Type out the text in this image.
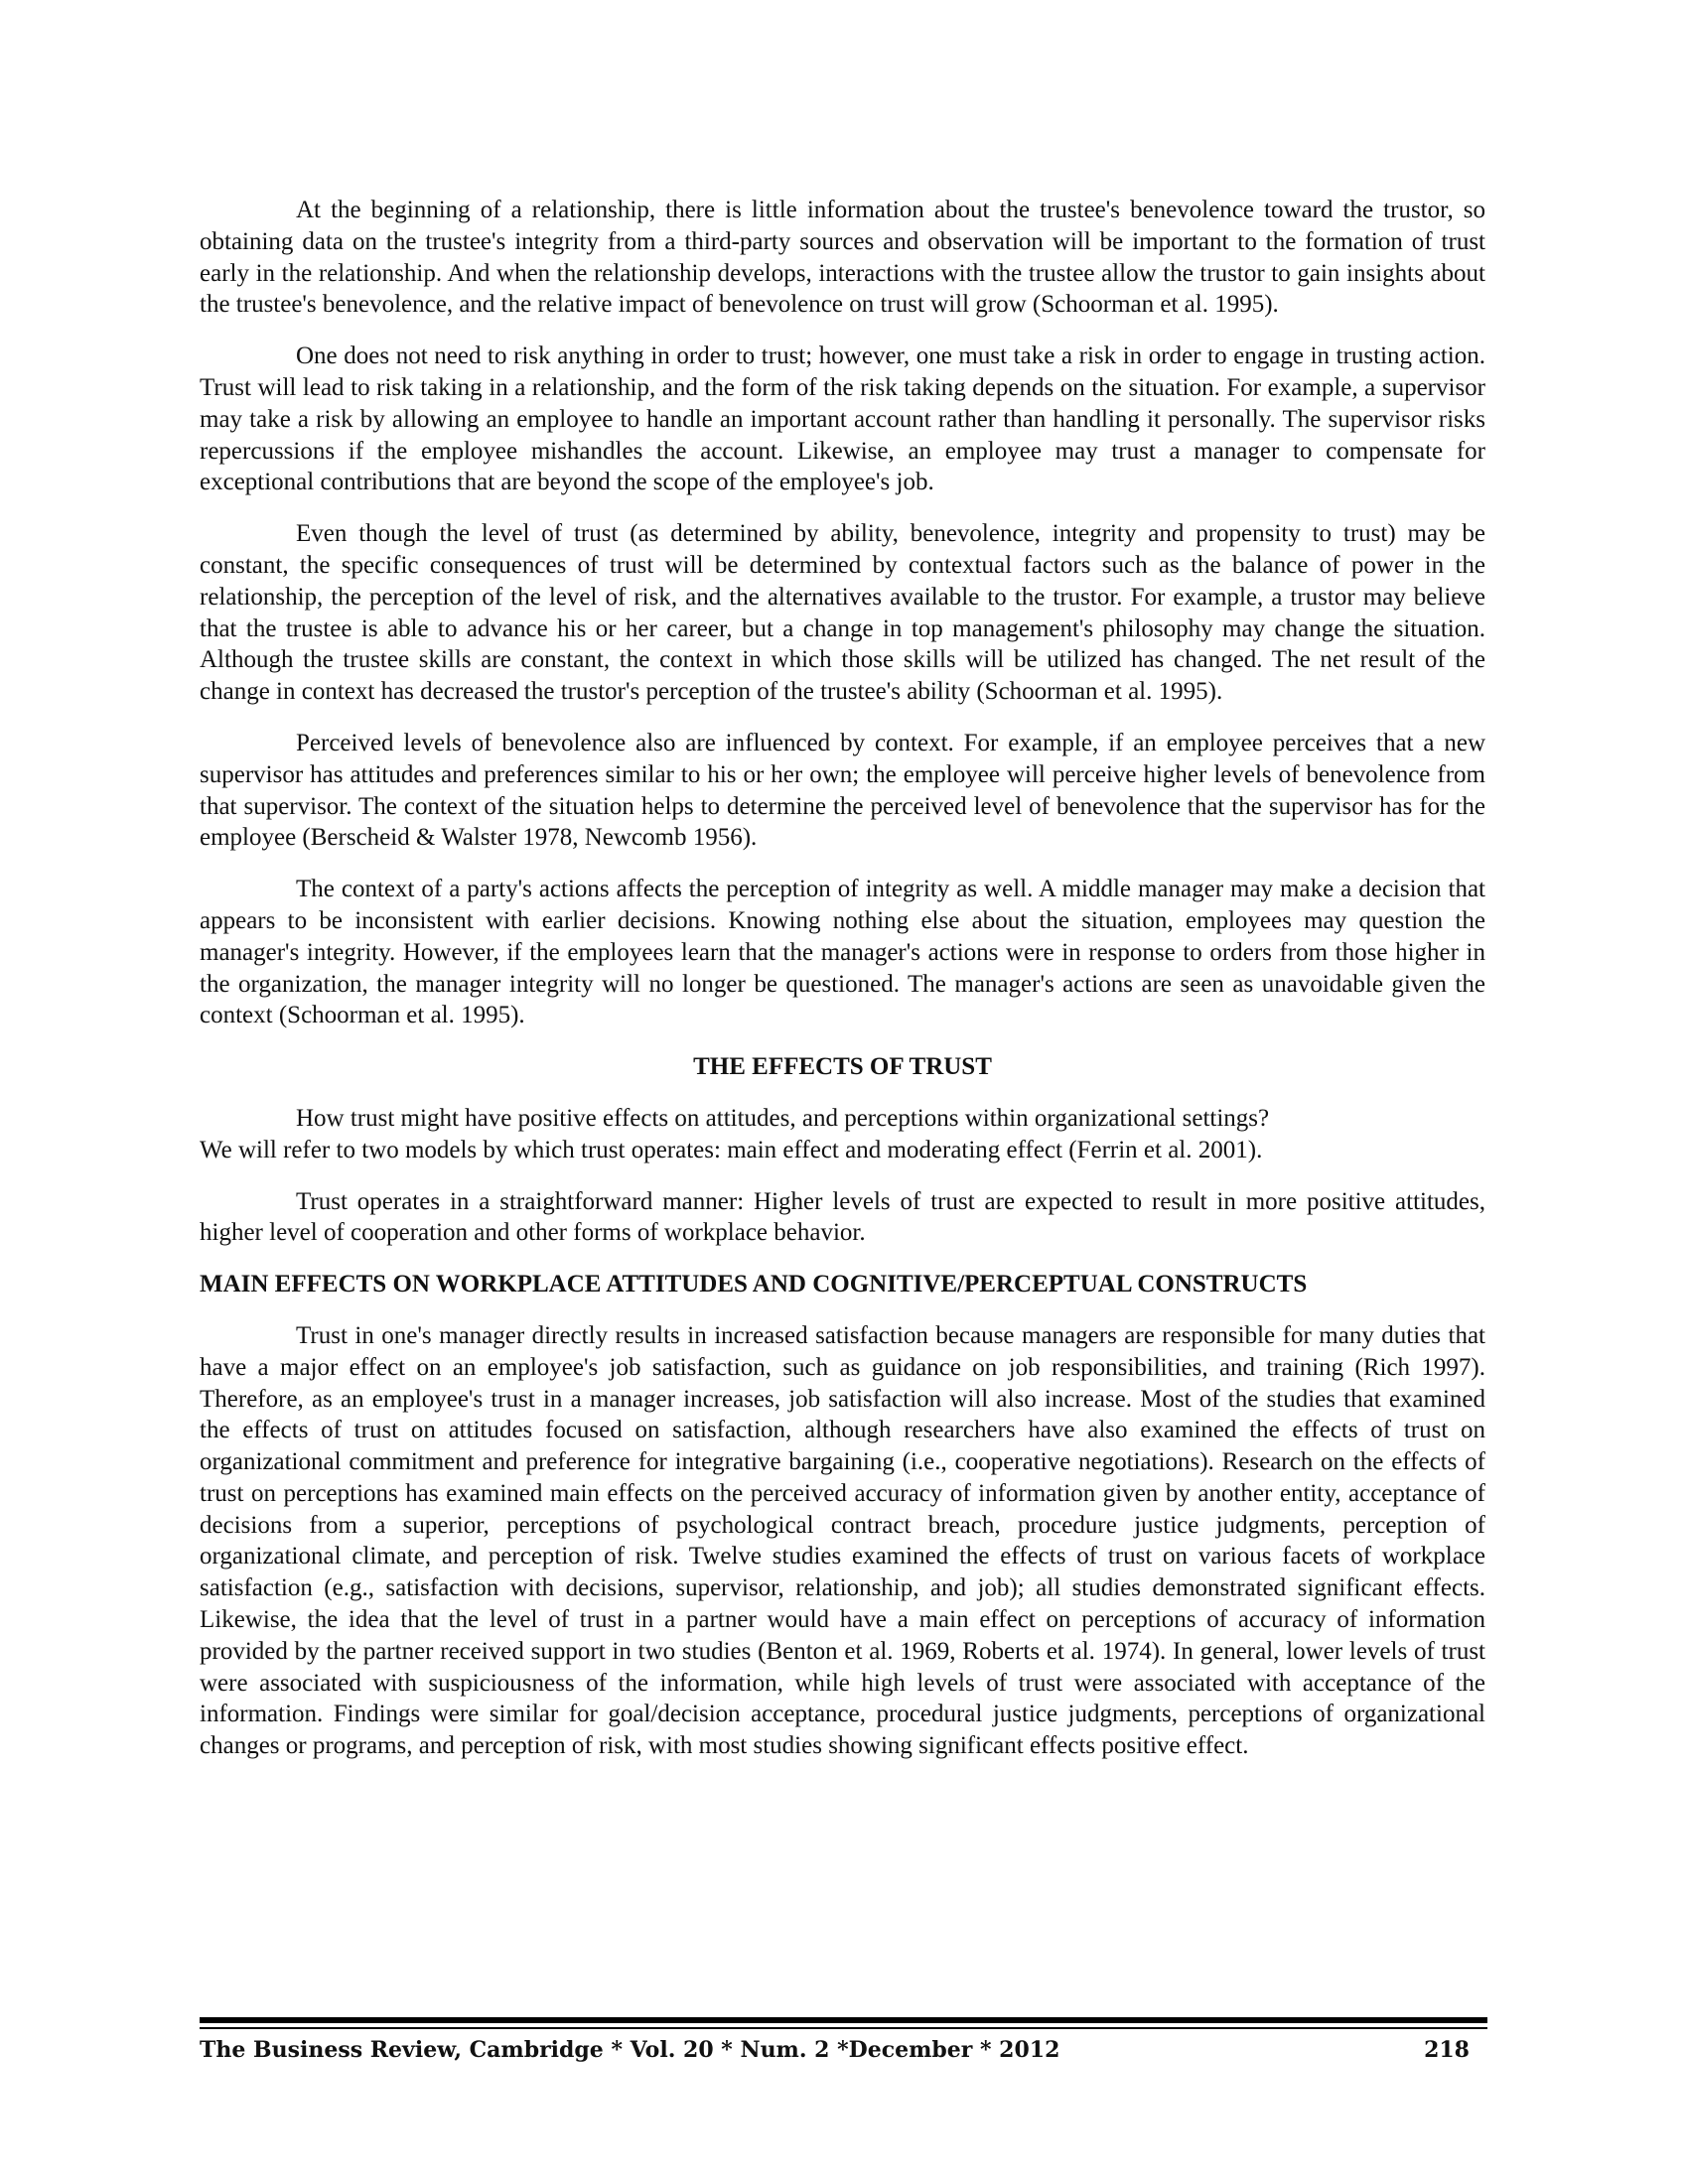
At the beginning of a relationship, there is little information about the trustee's benevolence toward the trustor, so obtaining data on the trustee's integrity from a third-party sources and observation will be important to the formation of trust early in the relationship. And when the relationship develops, interactions with the trustee allow the trustor to gain insights about the trustee's benevolence, and the relative impact of benevolence on trust will grow (Schoorman et al. 1995).

One does not need to risk anything in order to trust; however, one must take a risk in order to engage in trusting action. Trust will lead to risk taking in a relationship, and the form of the risk taking depends on the situation. For example, a supervisor may take a risk by allowing an employee to handle an important account rather than handling it personally. The supervisor risks repercussions if the employee mishandles the account. Likewise, an employee may trust a manager to compensate for exceptional contributions that are beyond the scope of the employee's job.

Even though the level of trust (as determined by ability, benevolence, integrity and propensity to trust) may be constant, the specific consequences of trust will be determined by contextual factors such as the balance of power in the relationship, the perception of the level of risk, and the alternatives available to the trustor. For example, a trustor may believe that the trustee is able to advance his or her career, but a change in top management's philosophy may change the situation. Although the trustee skills are constant, the context in which those skills will be utilized has changed. The net result of the change in context has decreased the trustor's perception of the trustee's ability (Schoorman et al. 1995).

Perceived levels of benevolence also are influenced by context. For example, if an employee perceives that a new supervisor has attitudes and preferences similar to his or her own; the employee will perceive higher levels of benevolence from that supervisor. The context of the situation helps to determine the perceived level of benevolence that the supervisor has for the employee (Berscheid & Walster 1978, Newcomb 1956).

The context of a party's actions affects the perception of integrity as well. A middle manager may make a decision that appears to be inconsistent with earlier decisions. Knowing nothing else about the situation, employees may question the manager's integrity. However, if the employees learn that the manager's actions were in response to orders from those higher in the organization, the manager integrity will no longer be questioned. The manager's actions are seen as unavoidable given the context (Schoorman et al. 1995).

THE EFFECTS OF TRUST

How trust might have positive effects on attitudes, and perceptions within organizational settings?
We will refer to two models by which trust operates: main effect and moderating effect (Ferrin et al. 2001).

Trust operates in a straightforward manner: Higher levels of trust are expected to result in more positive attitudes, higher level of cooperation and other forms of workplace behavior.

MAIN EFFECTS ON WORKPLACE ATTITUDES AND COGNITIVE/PERCEPTUAL CONSTRUCTS

Trust in one's manager directly results in increased satisfaction because managers are responsible for many duties that have a major effect on an employee's job satisfaction, such as guidance on job responsibilities, and training (Rich 1997). Therefore, as an employee's trust in a manager increases, job satisfaction will also increase. Most of the studies that examined the effects of trust on attitudes focused on satisfaction, although researchers have also examined the effects of trust on organizational commitment and preference for integrative bargaining (i.e., cooperative negotiations). Research on the effects of trust on perceptions has examined main effects on the perceived accuracy of information given by another entity, acceptance of decisions from a superior, perceptions of psychological contract breach, procedure justice judgments, perception of organizational climate, and perception of risk. Twelve studies examined the effects of trust on various facets of workplace satisfaction (e.g., satisfaction with decisions, supervisor, relationship, and job); all studies demonstrated significant effects. Likewise, the idea that the level of trust in a partner would have a main effect on perceptions of accuracy of information provided by the partner received support in two studies (Benton et al. 1969, Roberts et al. 1974). In general, lower levels of trust were associated with suspiciousness of the information, while high levels of trust were associated with acceptance of the information. Findings were similar for goal/decision acceptance, procedural justice judgments, perceptions of organizational changes or programs, and perception of risk, with most studies showing significant effects positive effect.

The Business Review, Cambridge * Vol. 20 * Num. 2 *December * 2012	218
